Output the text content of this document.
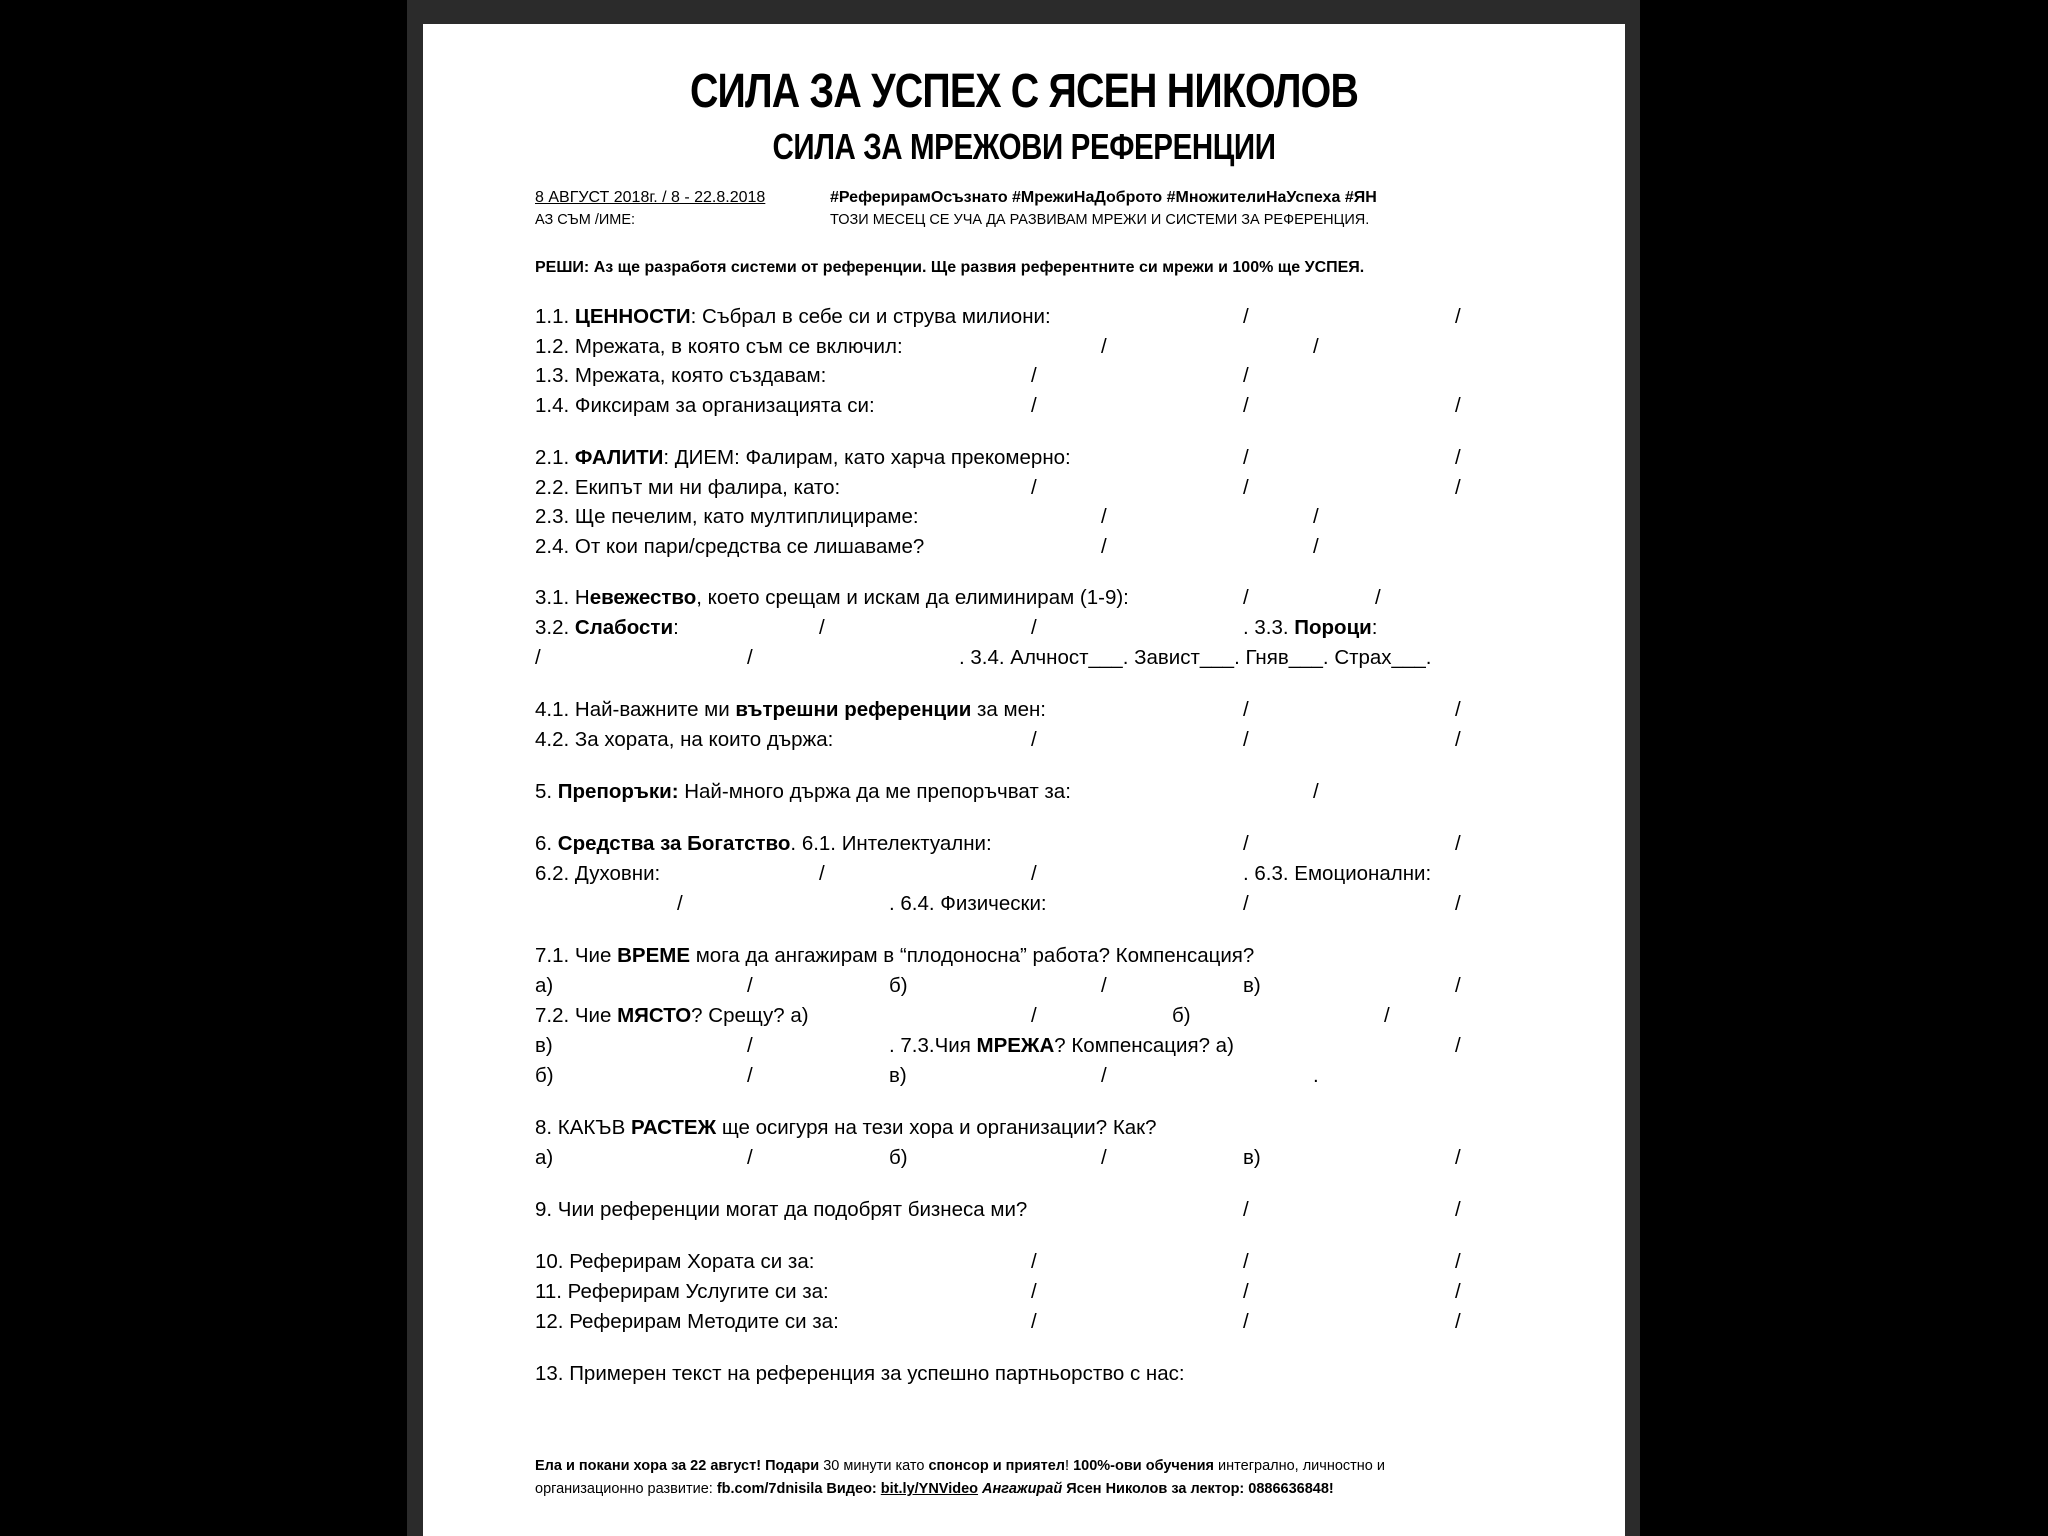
СИЛА ЗА УСПЕХ С ЯСЕН НИКОЛОВ
СИЛА ЗА МРЕЖОВИ РЕФЕРЕНЦИИ
8 АВГУСТ 2018г. / 8 - 22.8.2018	#РеферирамОсъзнато #МрежиНаДоброто #МножителиНаУспеха #ЯН
АЗ СЪМ /ИМЕ:	ТОЗИ МЕСЕЦ СЕ УЧА ДА РАЗВИВАМ МРЕЖИ И СИСТЕМИ ЗА РЕФЕРЕНЦИЯ.
РЕШИ: Аз ще разработя системи от референции. Ще развия референтните си мрежи и 100% ще УСПЕЯ.
1.1. ЦЕННОСТИ: Събрал в себе си и струва милиони:	/	/
1.2. Мрежата, в която съм се включил:	/	/
1.3. Мрежата, която създавам:	/	/
1.4. Фиксирам за организацията си:	/	/	/
2.1. ФАЛИТИ: ДИЕМ: Фалирам, като харча прекомерно:	/	/
2.2. Екипът ми ни фалира, като:	/	/	/
2.3. Ще печелим, като мултиплицираме:	/	/
2.4. От кои пари/средства се лишаваме?	/	/
3.1. Невежество, което срещам и искам да елиминирам (1-9):	/	/
3.2. Слабости:	/	/	. 3.3. Пороци:
/	/	. 3.4. Алчност___. Завист___. Гняв___. Страх___.
4.1. Най-важните ми вътрешни референции за мен:	/	/
4.2. За хората, на които държа:	/	/	/
5. Препоръки: Най-много държа да ме препоръчват за:	/
6. Средства за Богатство. 6.1. Интелектуални:	/	/
6.2. Духовни:	/	/	. 6.3. Емоционални:
/	. 6.4. Физически:	/	/
7.1. Чие ВРЕМЕ мога да ангажирам в “плодоносна” работа? Компенсация?
а)	/	б)	/	в)	/
7.2. Чие МЯСТО? Срещу? а)	/	б)	/
в)	/	. 7.3.Чия МРЕЖА? Компенсация? а)	/
б)	/	в)	/	.
8. КАКЪВ РАСТЕЖ ще осигуря на тези хора и организации? Как?
а)	/	б)	/	в)	/
9. Чии референции могат да подобрят бизнеса ми?	/	/
10. Реферирам Хората си за:	/	/	/
11. Реферирам Услугите си за:	/	/	/
12. Реферирам Методите си за:	/	/	/
13. Примерен текст на референция за успешно партньорство с нас:
Ела и покани хора за 22 август! Подари 30 минути като спонсор и приятел! 100%-ови обучения интегрално, личностно и
организационно развитие: fb.com/7dnisila Видео: bit.ly/YNVideo Ангажирай Ясен Николов за лектор: 0886636848!
